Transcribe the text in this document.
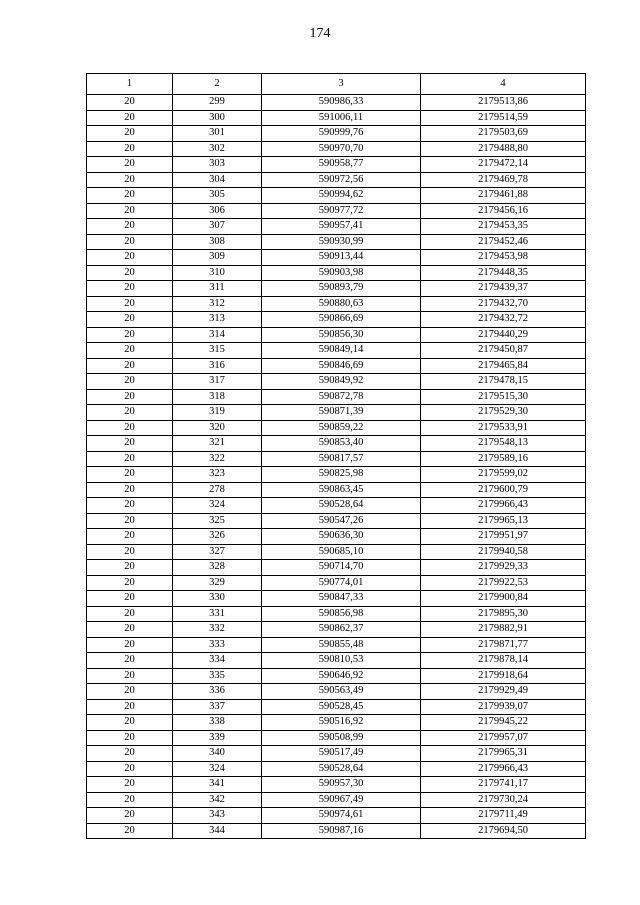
174
1	2	3	4
20	299	590986,33	2179513,86
20	300	591006,11	2179514,59
20	301	590999,76	2179503,69
20	302	590970,70	2179488,80
20	303	590958,77	2179472,14
20	304	590972,56	2179469,78
20	305	590994,62	2179461,88
20	306	590977,72	2179456,16
20	307	590957,41	2179453,35
20	308	590930,99	2179452,46
20	309	590913,44	2179453,98
20	310	590903,98	2179448,35
20	311	590893,79	2179439,37
20	312	590880,63	2179432,70
20	313	590866,69	2179432,72
20	314	590856,30	2179440,29
20	315	590849,14	2179450,87
20	316	590846,69	2179465,84
20	317	590849,92	2179478,15
20	318	590872,78	2179515,30
20	319	590871,39	2179529,30
20	320	590859,22	2179533,91
20	321	590853,40	2179548,13
20	322	590817,57	2179589,16
20	323	590825,98	2179599,02
20	278	590863,45	2179600,79
20	324	590528,64	2179966,43
20	325	590547,26	2179965,13
20	326	590636,30	2179951,97
20	327	590685,10	2179940,58
20	328	590714,70	2179929,33
20	329	590774,01	2179922,53
20	330	590847,33	2179900,84
20	331	590856,98	2179895,30
20	332	590862,37	2179882,91
20	333	590855,48	2179871,77
20	334	590810,53	2179878,14
20	335	590646,92	2179918,64
20	336	590563,49	2179929,49
20	337	590528,45	2179939,07
20	338	590516,92	2179945,22
20	339	590508,99	2179957,07
20	340	590517,49	2179965,31
20	324	590528,64	2179966,43
20	341	590957,30	2179741,17
20	342	590967,49	2179730,24
20	343	590974,61	2179711,49
20	344	590987,16	2179694,50
